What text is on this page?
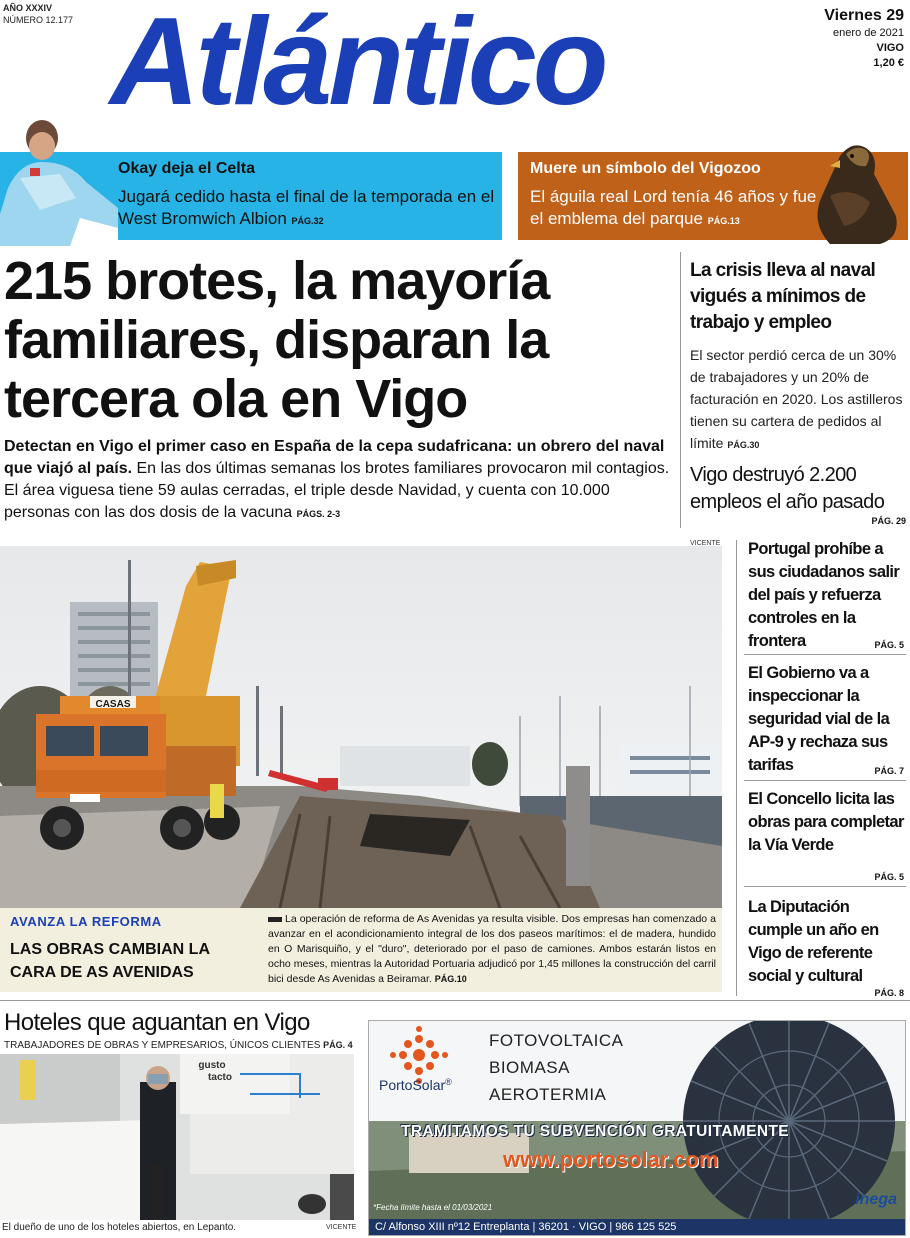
AÑO XXXIV
NÚMERO 12.177 Atlántico	Viernes 29
enero de 2021
VIGO
1,20 €
Okay deja el Celta
Jugará cedido hasta el final de la temporada en el West Bromwich Albion PÁG.32
Muere un símbolo del Vigozoo
El águila real Lord tenía 46 años y fue el emblema del parque PÁG.13
215 brotes, la mayoría familiares, disparan la tercera ola en Vigo
Detectan en Vigo el primer caso en España de la cepa sudafricana: un obrero del naval que viajó al país. En las dos últimas semanas los brotes familiares provocaron mil contagios. El área viguesa tiene 59 aulas cerradas, el triple desde Navidad, y cuenta con 10.000 personas con las dos dosis de la vacuna PÁGS. 2-3
La crisis lleva al naval vigués a mínimos de trabajo y empleo
El sector perdió cerca de un 30% de trabajadores y un 20% de facturación en 2020. Los astilleros tienen su cartera de pedidos al límite PÁG.30
Vigo destruyó 2.200 empleos el año pasado
PÁG. 29
CASAS
VICENTE
AVANZA LA REFORMA
LAS OBRAS CAMBIAN LA CARA DE AS AVENIDAS
La operación de reforma de As Avenidas ya resulta visible. Dos empresas han comenzado a avanzar en el acondicionamiento integral de los dos paseos marítimos: el de madera, hundido en O Marisquiño, y el "duro", deteriorado por el paso de camiones. Ambos estarán listos en ocho meses, mientras la Autoridad Portuaria adjudicó por 1,45 millones la construcción del carril bici desde As Avenidas a Beiramar. PÁG.10
Portugal prohíbe a sus ciudadanos salir del país y refuerza controles en la frontera	PÁG. 5
El Gobierno va a inspeccionar la seguridad vial de la AP-9 y rechaza sus tarifas	PÁG. 7
El Concello licita las obras para completar la Vía Verde
PÁG. 5
La Diputación cumple un año en Vigo de referente social y cultural
PÁG. 8
Hoteles que aguantan en Vigo
TRABAJADORES DE OBRAS Y EMPRESARIOS, ÚNICOS CLIENTES PÁG. 4
gusto
tacto
El dueño de uno de los hoteles abiertos, en Lepanto.	VICENTE
FOTOVOLTAICA
BIOMASA
AEROTERMIA
PortoSolar®
TRAMITAMOS TU SUBVENCIÓN GRATUITAMENTE
www.portosolar.com
*Fecha límite hasta el 01/03/2021
C/ Alfonso XIII nº12 Entreplanta | 36201 · VIGO | 986 125 525
inega
